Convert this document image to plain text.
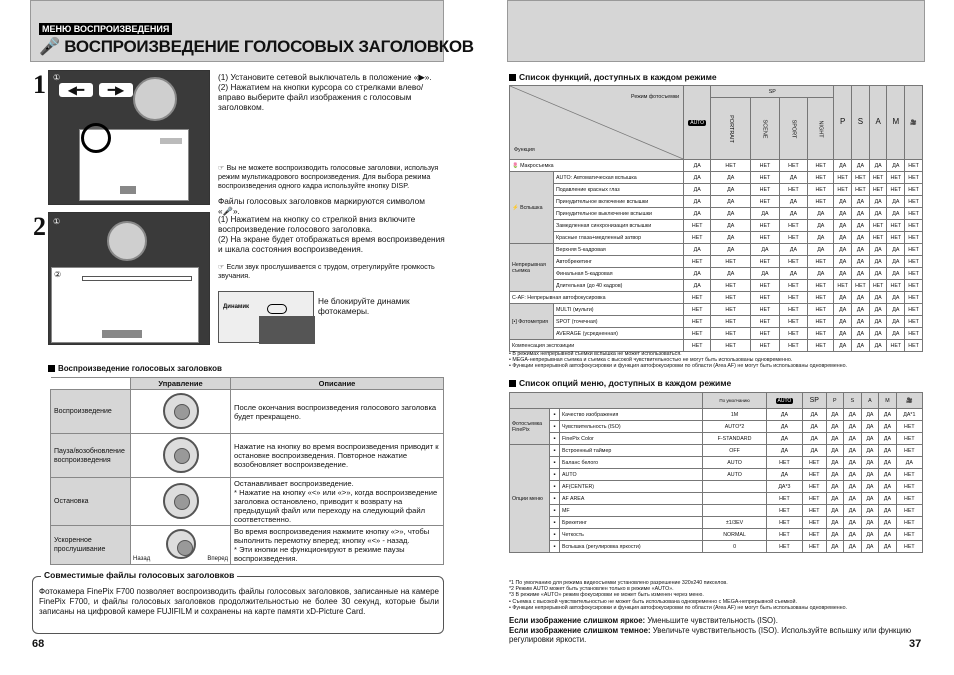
МЕНЮ ВОСПРОИЗВЕДЕНИЯ
🎤 ВОСПРОИЗВЕДЕНИЕ ГОЛОСОВЫХ ЗАГОЛОВКОВ
1	◀━	━▶
①	(1) Установите сетевой выключатель в положение «▶».
(2) Нажатием на кнопки курсора со стрелками влево/вправо выберите файл изображения с голосовым заголовком.
☞ Вы не можете воспроизводить голосовые заголовки, используя режим мультикадрового воспроизведения. Для выбора режима воспроизведения одного кадра используйте кнопку DISP.
Файлы голосовых заголовков маркируются символом «🎤».
2 ①
②
(1) Нажатием на кнопку со стрелкой вниз включите воспроизведение голосового заголовка.
(2) На экране будет отображаться время воспроизведения и шкала состояния воспроизведения.
☞ Если звук прослушивается с трудом, отрегулируйте громкость звучания.
Динамик
Не блокируйте динамик фотокамеры.
Воспроизведение голосовых заголовков
	Управление	Описание
Воспроизведение		После окончания воспроизведения голосового заголовка будет прекращено.
Пауза/возобновление воспроизведения		Нажатие на кнопку во время воспроизведения приводит к остановке воспроизведения. Повторное нажатие возобновляет воспроизведение.
Остановка		Останавливает воспроизведение.
* Нажатие на кнопку «<» или «>», когда воспроизведение заголовка остановлено, приводит к возврату на предыдущий файл или переходу на следующий файл соответственно.
Ускоренное прослушивание	Назад Вперед	Во время воспроизведения нажмите кнопку «>», чтобы выполнить перемотку вперед; кнопку «<» - назад.
* Эти кнопки не функционируют в режиме паузы воспроизведения.
Совместимые файлы голосовых заголовков
Фотокамера FinePix F700 позволяет воспроизводить файлы голосовых заголовков, записанные на камере FinePix F700, и файлы голосовых заголовков продолжительностью не более 30 секунд, которые были записаны на цифровой камере FUJIFILM и сохранены на карте памяти xD-Picture Card.
68
Список функций, доступных в каждом режиме
Режим фотосъемки
Функция		AUTO	SP				P	S	A	M	🎥
			PORTRAIT	SCENE	SPORT	NIGHT					
🌷 Макросъемка		ДА	НЕТ	НЕТ	НЕТ	НЕТ	ДА	ДА	ДА	ДА	НЕТ
⚡ Вспышка	AUTO: Автоматическая вспышка	ДА	ДА	НЕТ	ДА	НЕТ	НЕТ	НЕТ	НЕТ	НЕТ	НЕТ
	Подавление красных глаз	ДА	ДА	НЕТ	НЕТ	НЕТ	НЕТ	НЕТ	НЕТ	НЕТ	НЕТ
	Принудительное включение вспышки	ДА	ДА	НЕТ	ДА	НЕТ	ДА	ДА	ДА	ДА	НЕТ
	Принудительное выключение вспышки	ДА	ДА	ДА	ДА	ДА	ДА	ДА	ДА	ДА	НЕТ
	Замедленная синхронизация вспышки	НЕТ	ДА	НЕТ	НЕТ	ДА	ДА	ДА	НЕТ	НЕТ	НЕТ
	Красные глаза+медленный затвор	НЕТ	ДА	НЕТ	НЕТ	ДА	ДА	ДА	НЕТ	НЕТ	НЕТ
Непрерывная съемка	Верхняя 5-кадровая	ДА	ДА	ДА	ДА	ДА	ДА	ДА	ДА	ДА	НЕТ
	Автобрекетинг	НЕТ	НЕТ	НЕТ	НЕТ	НЕТ	ДА	ДА	ДА	ДА	НЕТ
	Финальная 5-кадровая	ДА	ДА	ДА	ДА	ДА	ДА	ДА	ДА	ДА	НЕТ
	Длительная (до 40 кадров)	ДА	НЕТ	НЕТ	НЕТ	НЕТ	НЕТ	НЕТ	НЕТ	НЕТ	НЕТ
C-AF: Непрерывная автофокусировка		НЕТ	НЕТ	НЕТ	НЕТ	НЕТ	ДА	ДА	ДА	ДА	НЕТ
[•] Фотометрия	MULTI (мульти)	НЕТ	НЕТ	НЕТ	НЕТ	НЕТ	ДА	ДА	ДА	ДА	НЕТ
	SPOT (точечная)	НЕТ	НЕТ	НЕТ	НЕТ	НЕТ	ДА	ДА	ДА	ДА	НЕТ
	AVERAGE (усредненная)	НЕТ	НЕТ	НЕТ	НЕТ	НЕТ	ДА	ДА	ДА	ДА	НЕТ
Компенсация экспозиции		НЕТ	НЕТ	НЕТ	НЕТ	НЕТ	ДА	ДА	ДА	НЕТ	НЕТ
• В режимах непрерывной съемки вспышка не может использоваться.
• MEGA-непрерывная съемка и съемка с высокой чувствительностью не могут быть использованы одновременно.
• Функции непрерывной автофокусировки и функция автофокусировки по области (Area AF) не могут быть использованы одновременно.
Список опций меню, доступных в каждом режиме
			По умолчанию	AUTO	SP	P	S	A	M	🎥
Фотосъемка FinePix	▪	Качество изображения	1M	ДА	ДА	ДА	ДА	ДА	ДА	ДА*1
	▪	Чувствительность (ISO)	AUTO*2	ДА	ДА	ДА	ДА	ДА	ДА	НЕТ
	▪	FinePix Color	F-STANDARD	ДА	ДА	ДА	ДА	ДА	ДА	НЕТ
Опции меню	▪	Встроенный таймер	OFF	ДА	ДА	ДА	ДА	ДА	ДА	НЕТ
	▪	Баланс белого	AUTO	НЕТ	НЕТ	ДА	ДА	ДА	ДА	ДА
	▪	AUTO	AUTO	ДА	НЕТ	ДА	ДА	ДА	ДА	НЕТ
	▪	AF(CENTER)		ДА*3	НЕТ	ДА	ДА	ДА	ДА	НЕТ
	▪	AF AREA		НЕТ	НЕТ	ДА	ДА	ДА	ДА	НЕТ
	▪	MF		НЕТ	НЕТ	ДА	ДА	ДА	ДА	НЕТ
	▪	Брекетинг	±1/3EV	НЕТ	НЕТ	ДА	ДА	ДА	ДА	НЕТ
	▪	Четкость	NORMAL	НЕТ	НЕТ	ДА	ДА	ДА	ДА	НЕТ
	▪	Вспышка (регулировка яркости)	0	НЕТ	НЕТ	ДА	ДА	ДА	ДА	НЕТ
*1 По умолчанию для режима видеосъемки установлено разрешение 320х240 пикселов.
*2 Режим AUTO может быть установлен только в режиме «AUTO».
*3 В режиме «AUTO» режим фокусировки не может быть изменен через меню.
• Съемка с высокой чувствительностью не может быть использована одновременно с MEGA-непрерывной съемкой.
• Функции непрерывной автофокусировки и функция автофокусировки по области (Area AF) не могут быть использованы одновременно.
Если изображение слишком яркое: Уменьшите чувствительность (ISO).
Если изображение слишком темное: Увеличьте чувствительность (ISO). Используйте вспышку или функцию регулировки яркости.	37
